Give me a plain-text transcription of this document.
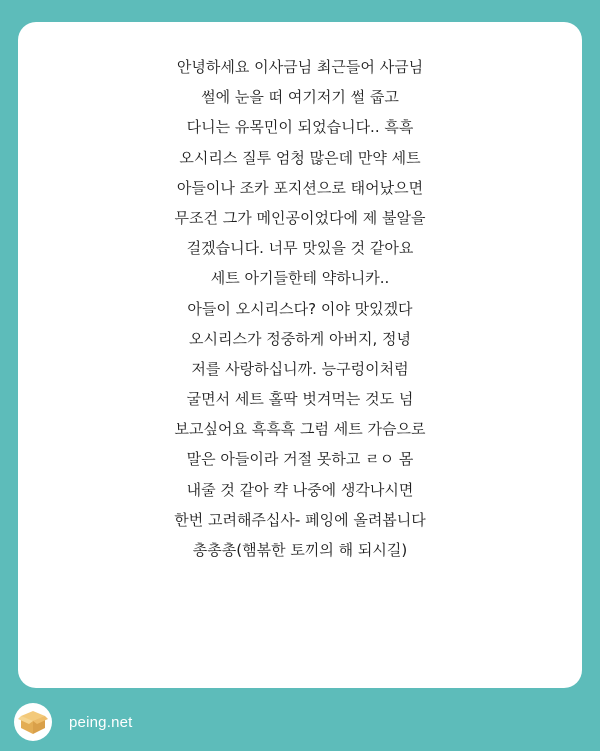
안녕하세요 이사금님 최근들어 사금님
썰에 눈을 떠 여기저기 썰 줍고
다니는 유목민이 되었습니다.. 흑흑
오시리스 질투 엄청 많은데 만약 세트
아들이나 조카 포지션으로 태어났으면
무조건 그가 메인공이었다에 제 불알을
걸겠습니다. 너무 맛있을 것 같아요
세트 아기들한테 약하니카..
아들이 오시리스다? 이야 맛있겠다
오시리스가 정중하게 아버지, 정녕
저를 사랑하십니까. 능구렁이처럼
굴면서 세트 홀딱 벗겨먹는 것도 넘
보고싶어요 흑흑흑 그럼 세트 가슴으로
말은 아들이라 거절 못하고 ㄹㅇ 몸
내줄 것 같아 캭 나중에 생각나시면
한번 고려해주십사- 페잉에 올려봅니다
총총총(햄볶한 토끼의 해 되시길)
peing.net
